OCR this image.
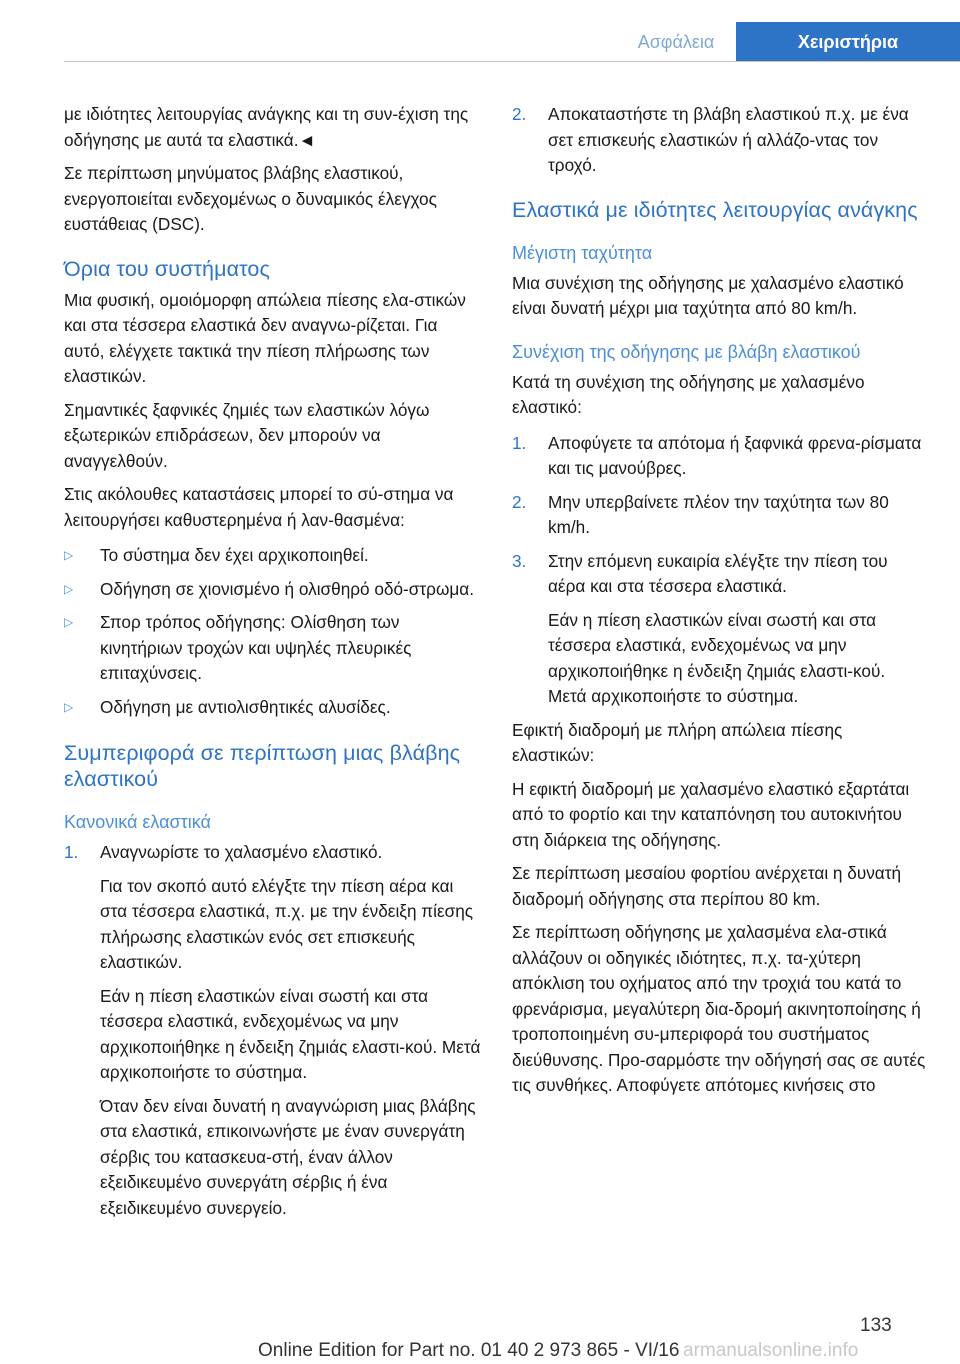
Ασφάλεια	Χειριστήρια

με ιδιότητες λειτουργίας ανάγκης και τη συν-έχιση της οδήγησης με αυτά τα ελαστικά.◄

Σε περίπτωση μηνύματος βλάβης ελαστικού, ενεργοποιείται ενδεχομένως ο δυναμικός έλεγχος ευστάθειας (DSC).

Όρια του συστήματος

Μια φυσική, ομοιόμορφη απώλεια πίεσης ελα-στικών και στα τέσσερα ελαστικά δεν αναγνω-ρίζεται. Για αυτό, ελέγχετε τακτικά την πίεση πλήρωσης των ελαστικών.

Σημαντικές ξαφνικές ζημιές των ελαστικών λόγω εξωτερικών επιδράσεων, δεν μπορούν να αναγγελθούν.

Στις ακόλουθες καταστάσεις μπορεί το σύ-στημα να λειτουργήσει καθυστερημένα ή λαν-θασμένα:

▷ Το σύστημα δεν έχει αρχικοποιηθεί.
▷ Οδήγηση σε χιονισμένο ή ολισθηρό οδό-στρωμα.
▷ Σπορ τρόπος οδήγησης: Ολίσθηση των κινητήριων τροχών και υψηλές πλευρικές επιταχύνσεις.
▷ Οδήγηση με αντιολισθητικές αλυσίδες.
Συμπεριφορά σε περίπτωση μιας βλάβης ελαστικού
Κανονικά ελαστικά
1. Αναγνωρίστε το χαλασμένο ελαστικό.

Για τον σκοπό αυτό ελέγξτε την πίεση αέρα και στα τέσσερα ελαστικά, π.χ. με την ένδειξη πίεσης πλήρωσης ελαστικών ενός σετ επισκευής ελαστικών.

Εάν η πίεση ελαστικών είναι σωστή και στα τέσσερα ελαστικά, ενδεχομένως να μην αρχικοποιήθηκε η ένδειξη ζημιάς ελαστι-κού. Μετά αρχικοποιήστε το σύστημα.

Όταν δεν είναι δυνατή η αναγνώριση μιας βλάβης στα ελαστικά, επικοινωνήστε με έναν συνεργάτη σέρβις του κατασκευα-στή, έναν άλλον εξειδικευμένο συνεργάτη σέρβις ή ένα εξειδικευμένο συνεργείο.

2. Αποκαταστήστε τη βλάβη ελαστικού π.χ. με ένα σετ επισκευής ελαστικών ή αλλάζο-ντας τον τροχό.
Ελαστικά με ιδιότητες λειτουργίας ανάγκης
Μέγιστη ταχύτητα

Μια συνέχιση της οδήγησης με χαλασμένο ελαστικό είναι δυνατή μέχρι μια ταχύτητα από 80 km/h.

Συνέχιση της οδήγησης με βλάβη ελαστικού

Κατά τη συνέχιση της οδήγησης με χαλασμένο ελαστικό:

1. Αποφύγετε τα απότομα ή ξαφνικά φρενα-ρίσματα και τις μανούβρες.
2. Μην υπερβαίνετε πλέον την ταχύτητα των 80 km/h.
3. Στην επόμενη ευκαιρία ελέγξτε την πίεση του αέρα και στα τέσσερα ελαστικά.

Εάν η πίεση ελαστικών είναι σωστή και στα τέσσερα ελαστικά, ενδεχομένως να μην αρχικοποιήθηκε η ένδειξη ζημιάς ελαστι-κού. Μετά αρχικοποιήστε το σύστημα.

Εφικτή διαδρομή με πλήρη απώλεια πίεσης ελαστικών:

Η εφικτή διαδρομή με χαλασμένο ελαστικό εξαρτάται από το φορτίο και την καταπόνηση του αυτοκινήτου στη διάρκεια της οδήγησης.

Σε περίπτωση μεσαίου φορτίου ανέρχεται η δυνατή διαδρομή οδήγησης στα περίπου 80 km.

Σε περίπτωση οδήγησης με χαλασμένα ελα-στικά αλλάζουν οι οδηγικές ιδιότητες, π.χ. τα-χύτερη απόκλιση του οχήματος από την τροχιά του κατά το φρενάρισμα, μεγαλύτερη δια-δρομή ακινητοποίησης ή τροποποιημένη συ-μπεριφορά του συστήματος διεύθυνσης. Προ-σαρμόστε την οδήγησή σας σε αυτές τις συνθήκες. Αποφύγετε απότομες κινήσεις στο

133
Online Edition for Part no. 01 40 2 973 865 - VI/16 armanualsonline.info
